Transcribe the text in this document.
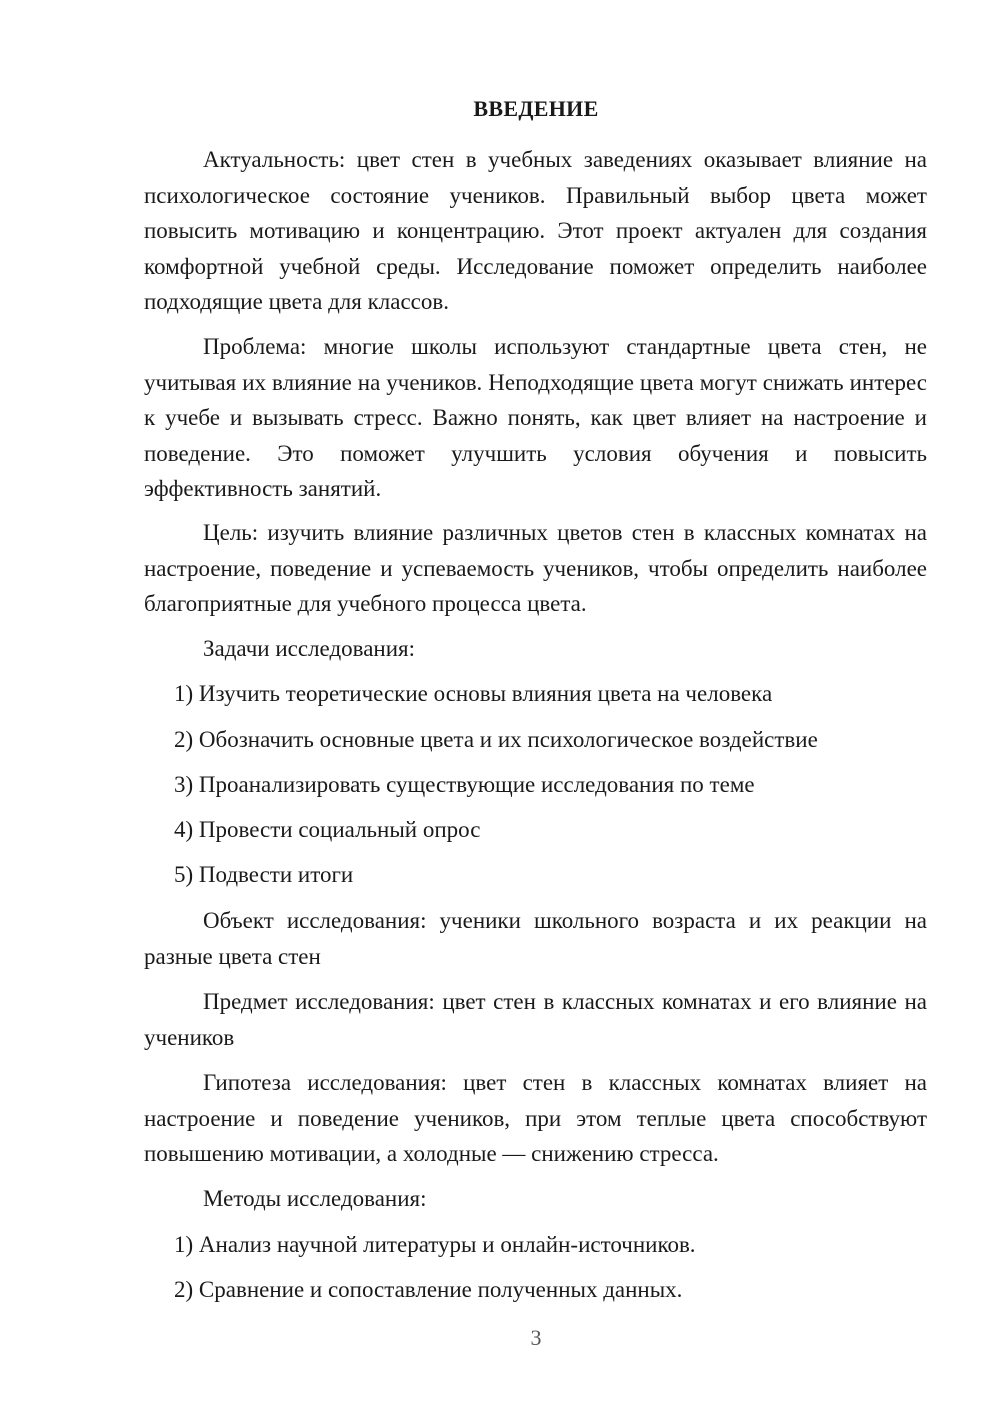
ВВЕДЕНИЕ

Актуальность: цвет стен в учебных заведениях оказывает влияние на психологическое состояние учеников. Правильный выбор цвета может повысить мотивацию и концентрацию. Этот проект актуален для создания комфортной учебной среды. Исследование поможет определить наиболее подходящие цвета для классов.

Проблема: многие школы используют стандартные цвета стен, не учитывая их влияние на учеников. Неподходящие цвета могут снижать интерес к учебе и вызывать стресс. Важно понять, как цвет влияет на настроение и поведение. Это поможет улучшить условия обучения и повысить эффективность занятий.

Цель: изучить влияние различных цветов стен в классных комнатах на настроение, поведение и успеваемость учеников, чтобы определить наиболее благоприятные для учебного процесса цвета.

Задачи исследования:

1) Изучить теоретические основы влияния цвета на человека

2) Обозначить основные цвета и их психологическое воздействие

3) Проанализировать существующие исследования по теме

4) Провести социальный опрос

5) Подвести итоги

Объект исследования: ученики школьного возраста и их реакции на разные цвета стен

Предмет исследования: цвет стен в классных комнатах и его влияние на учеников

Гипотеза исследования: цвет стен в классных комнатах влияет на настроение и поведение учеников, при этом теплые цвета способствуют повышению мотивации, а холодные — снижению стресса.

Методы исследования:

1) Анализ научной литературы и онлайн-источников.

2) Сравнение и сопоставление полученных данных.

3
